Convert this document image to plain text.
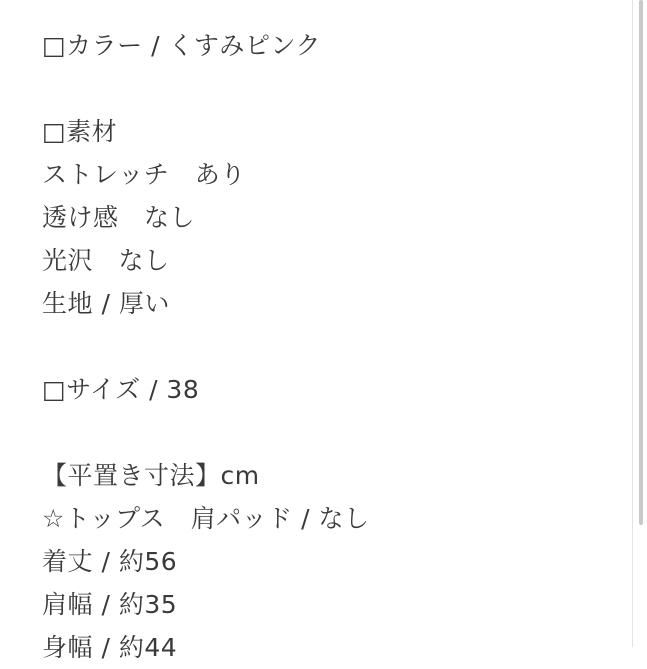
□カラー / くすみピンク
□素材
ストレッチ　あり
透け感　なし
光沢　なし
生地 / 厚い
□サイズ / 38
【平置き寸法】cm
☆トップス　肩パッド / なし
着丈 / 約56
肩幅 / 約35
身幅 / 約44
